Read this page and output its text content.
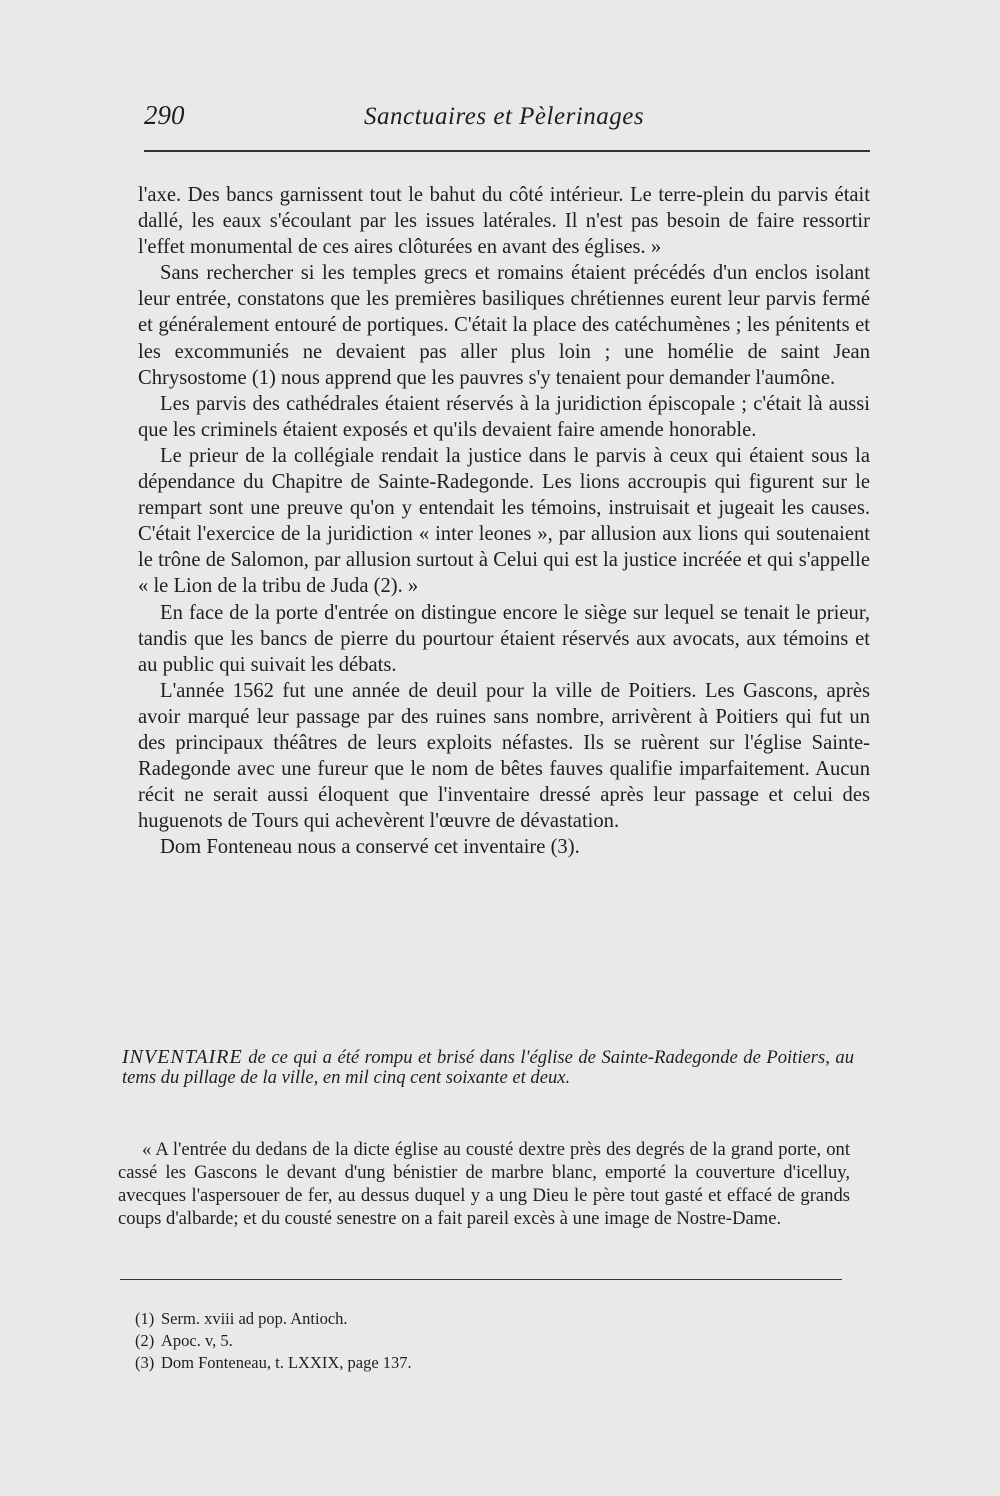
290	Sanctuaires et Pèlerinages

l'axe. Des bancs garnissent tout le bahut du côté intérieur. Le terre-plein du parvis était dallé, les eaux s'écoulant par les issues latérales. Il n'est pas besoin de faire ressortir l'effet monumental de ces aires clôturées en avant des églises. »

Sans rechercher si les temples grecs et romains étaient précédés d'un enclos isolant leur entrée, constatons que les premières basiliques chrétiennes eurent leur parvis fermé et généralement entouré de portiques. C'était la place des catéchumènes ; les pénitents et les excommuniés ne devaient pas aller plus loin ; une homélie de saint Jean Chrysostome (1) nous apprend que les pauvres s'y tenaient pour demander l'aumône.

Les parvis des cathédrales étaient réservés à la juridiction épiscopale ; c'était là aussi que les criminels étaient exposés et qu'ils devaient faire amende honorable.

Le prieur de la collégiale rendait la justice dans le parvis à ceux qui étaient sous la dépendance du Chapitre de Sainte-Radegonde. Les lions accroupis qui figurent sur le rempart sont une preuve qu'on y entendait les témoins, instruisait et jugeait les causes. C'était l'exercice de la juridiction « inter leones », par allusion aux lions qui soutenaient le trône de Salomon, par allusion surtout à Celui qui est la justice incréée et qui s'appelle « le Lion de la tribu de Juda (2). »

En face de la porte d'entrée on distingue encore le siège sur lequel se tenait le prieur, tandis que les bancs de pierre du pourtour étaient réservés aux avocats, aux témoins et au public qui suivait les débats.

L'année 1562 fut une année de deuil pour la ville de Poitiers. Les Gascons, après avoir marqué leur passage par des ruines sans nombre, arrivèrent à Poitiers qui fut un des principaux théâtres de leurs exploits néfastes. Ils se ruèrent sur l'église Sainte-Radegonde avec une fureur que le nom de bêtes fauves qualifie imparfaitement. Aucun récit ne serait aussi éloquent que l'inventaire dressé après leur passage et celui des huguenots de Tours qui achevèrent l'œuvre de dévastation.

Dom Fonteneau nous a conservé cet inventaire (3).

INVENTAIRE de ce qui a été rompu et brisé dans l'église de Sainte-Radegonde de Poitiers, au tems du pillage de la ville, en mil cinq cent soixante et deux.
« A l'entrée du dedans de la dicte église au cousté dextre près des degrés de la grand porte, ont cassé les Gascons le devant d'ung bénistier de marbre blanc, emporté la couverture d'icelluy, avecques l'aspersouer de fer, au dessus duquel y a ung Dieu le père tout gasté et effacé de grands coups d'albarde; et du cousté senestre on a fait pareil excès à une image de Nostre-Dame.

(1) Serm. xviii ad pop. Antioch.

(2) Apoc. v, 5.

(3) Dom Fonteneau, t. LXXIX, page 137.
